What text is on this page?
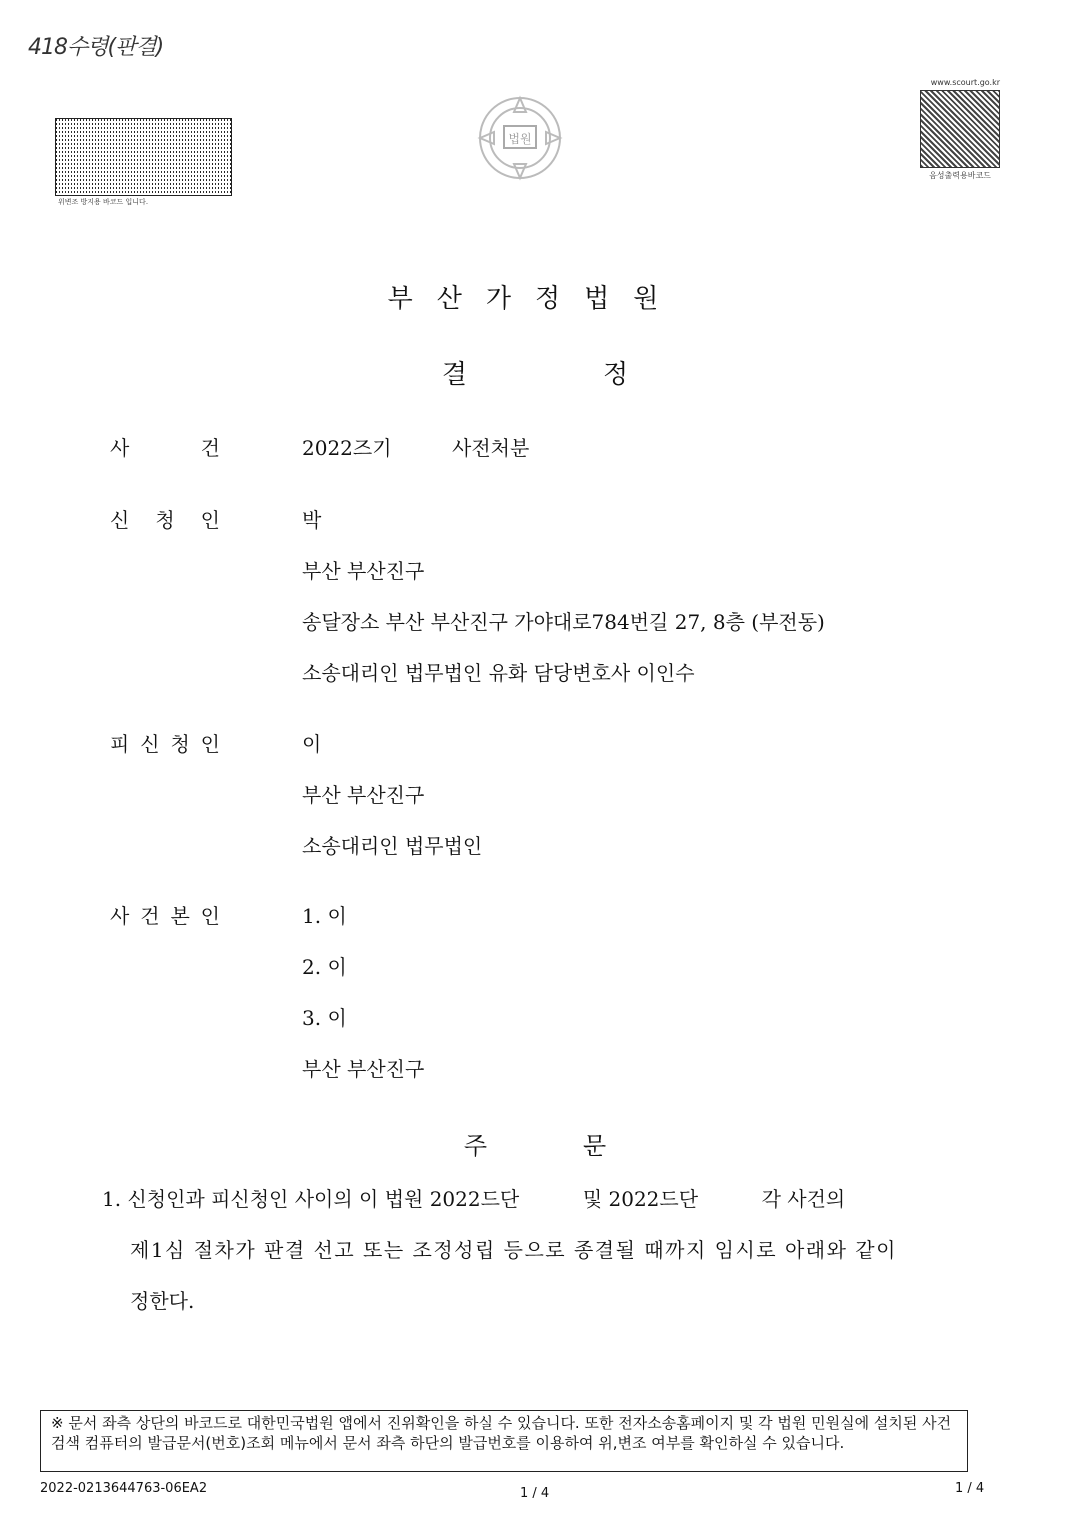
418수령(판결)
위변조 방지용 바코드 입니다.
법원
www.scourt.go.kr
음성출력용바코드
부산가정법원
결	정
사	건	2022즈기	사전처분
신 청 인	박
부산 부산진구
송달장소 부산 부산진구 가야대로784번길 27, 8층 (부전동)
소송대리인 법무법인 유화 담당변호사 이인수
피 신 청 인	이
부산 부산진구
소송대리인 법무법인
사 건 본 인	1. 이
2. 이
3. 이
부산 부산진구
주	문
1. 신청인과 피신청인 사이의 이 법원 2022드단          및 2022드단          각 사건의
제1심 절차가 판결 선고 또는 조정성립 등으로 종결될 때까지 임시로 아래와 같이
정한다.
※ 문서 좌측 상단의 바코드로 대한민국법원 앱에서 진위확인을 하실 수 있습니다. 또한 전자소송홈페이지 및 각 법원 민원실에 설치된 사건검색 컴퓨터의 발급문서(번호)조회 메뉴에서 문서 좌측 하단의 발급번호를 이용하여 위,변조 여부를 확인하실 수 있습니다.
2022-0213644763-06EA2	1 / 4	1 / 4
